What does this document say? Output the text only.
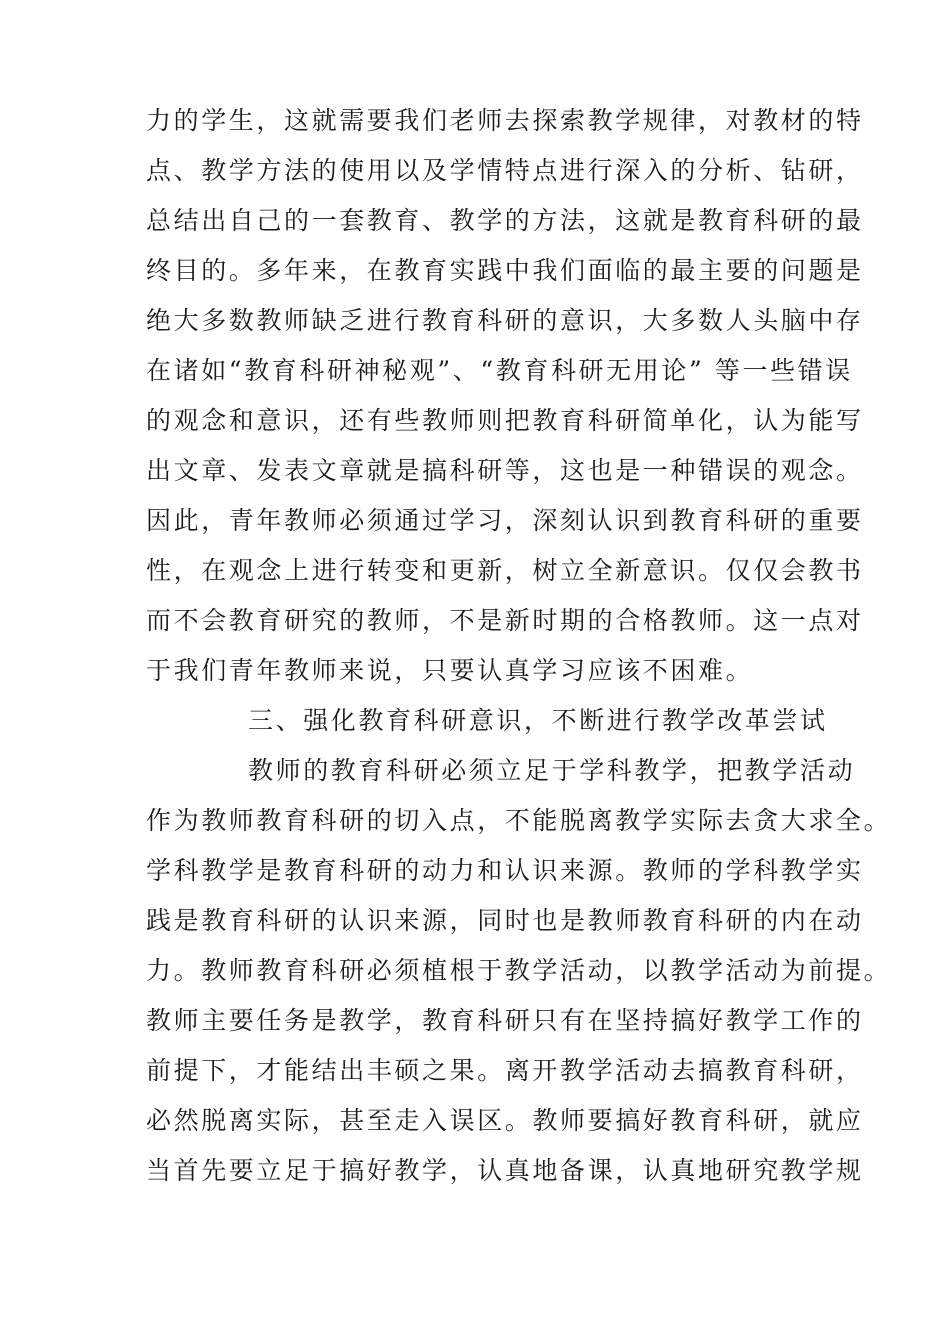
力的学生，这就需要我们老师去探索教学规律，对教材的特
点、教学方法的使用以及学情特点进行深入的分析、钻研，
总结出自己的一套教育、教学的方法，这就是教育科研的最
终目的。多年来，在教育实践中我们面临的最主要的问题是
绝大多数教师缺乏进行教育科研的意识，大多数人头脑中存
在诸如“教育科研神秘观”、“教育科研无用论” 等一些错误
的观念和意识，还有些教师则把教育科研简单化，认为能写
出文章、发表文章就是搞科研等，这也是一种错误的观念。
因此，青年教师必须通过学习，深刻认识到教育科研的重要
性，在观念上进行转变和更新，树立全新意识。仅仅会教书
而不会教育研究的教师，不是新时期的合格教师。这一点对
于我们青年教师来说，只要认真学习应该不困难。
三、强化教育科研意识，不断进行教学改革尝试
教师的教育科研必须立足于学科教学，把教学活动
作为教师教育科研的切入点，不能脱离教学实际去贪大求全。
学科教学是教育科研的动力和认识来源。教师的学科教学实
践是教育科研的认识来源，同时也是教师教育科研的内在动
力。教师教育科研必须植根于教学活动，以教学活动为前提。
教师主要任务是教学，教育科研只有在坚持搞好教学工作的
前提下，才能结出丰硕之果。离开教学活动去搞教育科研，
必然脱离实际，甚至走入误区。教师要搞好教育科研，就应
当首先要立足于搞好教学，认真地备课，认真地研究教学规
